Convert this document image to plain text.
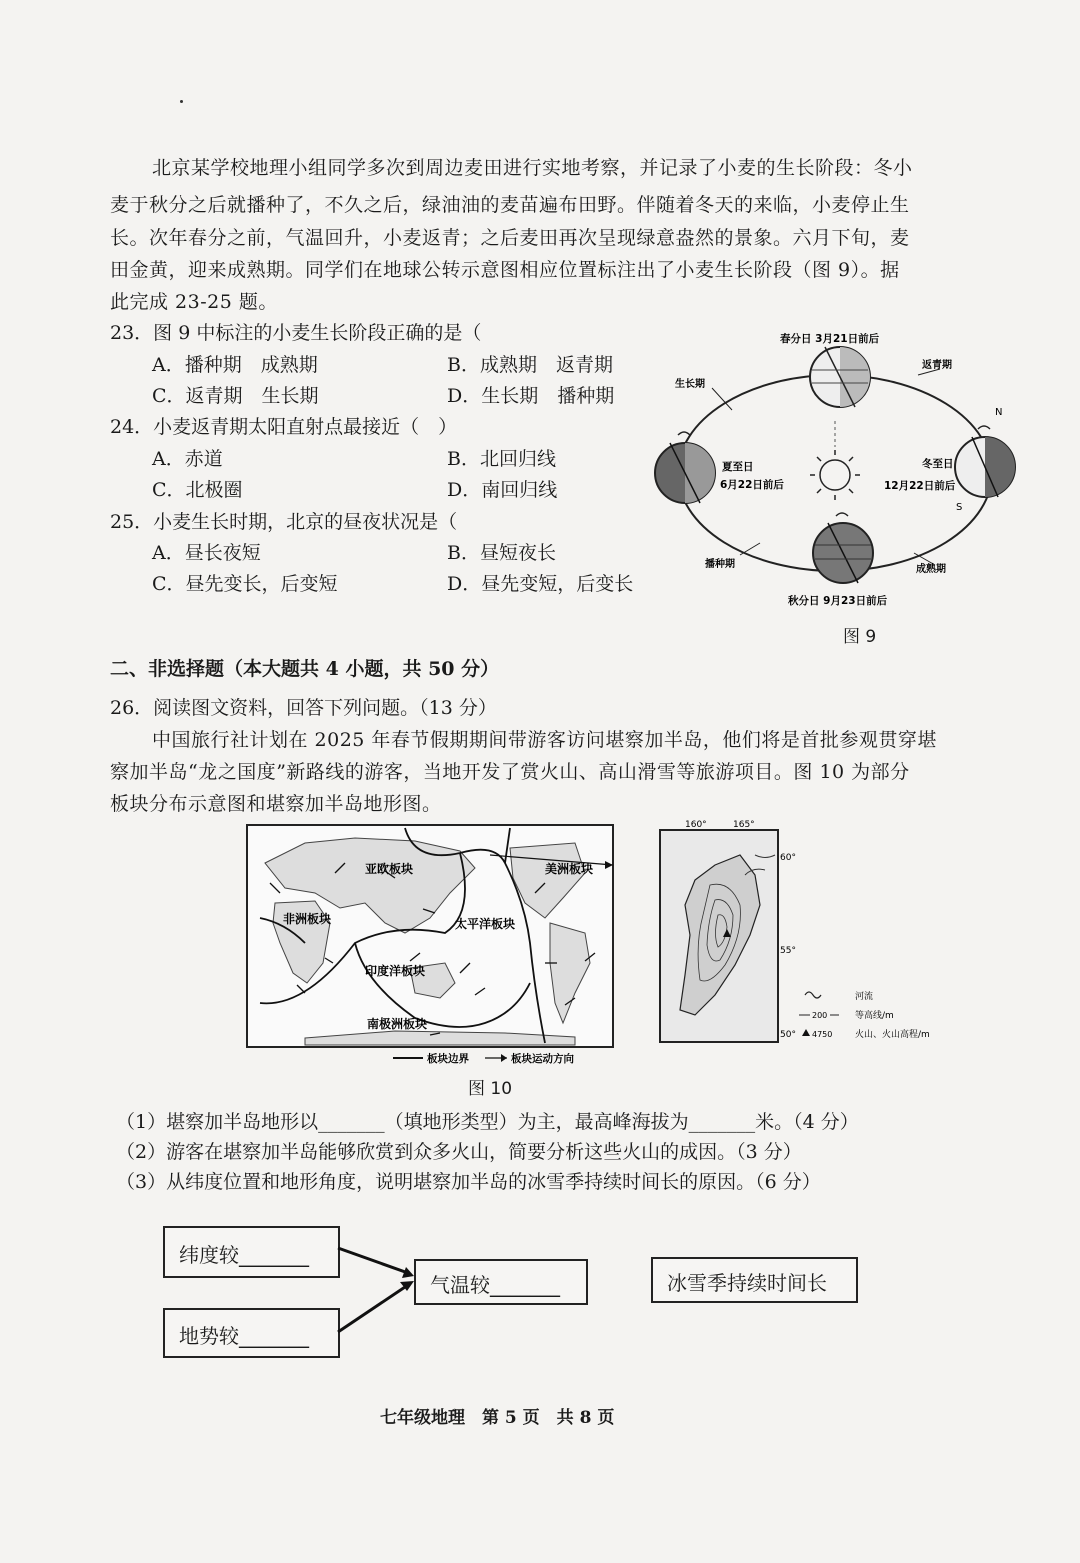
北京某学校地理小组同学多次到周边麦田进行实地考察，并记录了小麦的生长阶段：冬小
麦于秋分之后就播种了，不久之后，绿油油的麦苗遍布田野。伴随着冬天的来临，小麦停止生
长。次年春分之前，气温回升，小麦返青；之后麦田再次呈现绿意盎然的景象。六月下旬，麦
田金黄，迎来成熟期。同学们在地球公转示意图相应位置标注出了小麦生长阶段（图 9）。据
此完成 23-25 题。
23．图 9 中标注的小麦生长阶段正确的是（
A．播种期　成熟期	B．成熟期　返青期
C．返青期　生长期	D．生长期　播种期
24．小麦返青期太阳直射点最接近（　）
A．赤道	B．北回归线
C．北极圈	D．南回归线
25．小麦生长时期，北京的昼夜状况是（
A．昼长夜短	B．昼短夜长
C．昼先变长，后变短	D．昼先变短，后变长
春分日 3月21日前后
夏至日
6月22日前后
冬至日
12月22日前后
秋分日 9月23日前后
N
S
生长期
返青期
播种期	成熟期
图 9
二、非选择题（本大题共 4 小题，共 50 分）
26．阅读图文资料，回答下列问题。（13 分）
中国旅行社计划在 2025 年春节假期期间带游客访问堪察加半岛，他们将是首批参观贯穿堪
察加半岛“龙之国度”新路线的游客，当地开发了赏火山、高山滑雪等旅游项目。图 10 为部分
板块分布示意图和堪察加半岛地形图。
亚欧板块
非洲板块	太平洋板块
美洲板块
印度洋板块
南极洲板块
板块边界	板块运动方向
160°	165°
60°
55°
50°
河流
200	等高线/m
4750	火山、火山高程/m
图 10
（1）堪察加半岛地形以_______（填地形类型）为主，最高峰海拔为_______米。（4 分）
（2）游客在堪察加半岛能够欣赏到众多火山，简要分析这些火山的成因。（3 分）
（3）从纬度位置和地形角度，说明堪察加半岛的冰雪季持续时间长的原因。（6 分）
纬度较_______
地势较_______
气温较_______	冰雪季持续时间长
七年级地理　第 5 页　共 8 页
